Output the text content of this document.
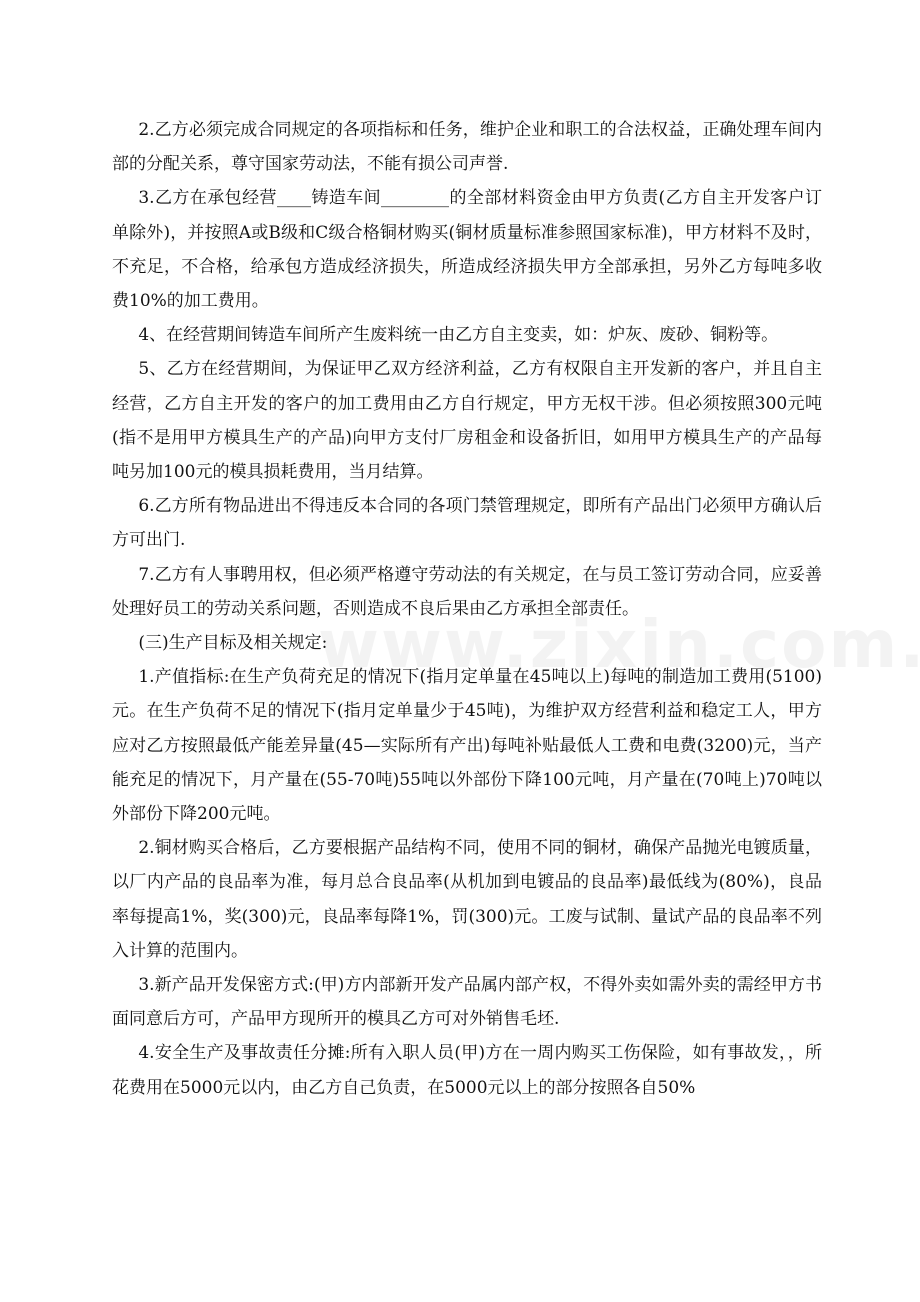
2.乙方必须完成合同规定的各项指标和任务，维护企业和职工的合法权益，正确处理车间内部的分配关系，尊守国家劳动法，不能有损公司声誉.

3.乙方在承包经营____铸造车间________的全部材料资金由甲方负责(乙方自主开发客户订单除外)，并按照A或B级和C级合格铜材购买(铜材质量标准参照国家标准)，甲方材料不及时，不充足，不合格，给承包方造成经济损失，所造成经济损失甲方全部承担，另外乙方每吨多收费10%的加工费用。

4、在经营期间铸造车间所产生废料统一由乙方自主变卖，如：炉灰、废砂、铜粉等。

5、乙方在经营期间，为保证甲乙双方经济利益，乙方有权限自主开发新的客户，并且自主经营，乙方自主开发的客户的加工费用由乙方自行规定，甲方无权干涉。但必须按照300元吨(指不是用甲方模具生产的产品)向甲方支付厂房租金和设备折旧，如用甲方模具生产的产品每吨另加100元的模具损耗费用，当月结算。

6.乙方所有物品进出不得违反本合同的各项门禁管理规定，即所有产品出门必须甲方确认后方可出门.

7.乙方有人事聘用权，但必须严格遵守劳动法的有关规定，在与员工签订劳动合同，应妥善处理好员工的劳动关系问题，否则造成不良后果由乙方承担全部责任。

(三)生产目标及相关规定:

1.产值指标:在生产负荷充足的情况下(指月定单量在45吨以上)每吨的制造加工费用(5100)元。在生产负荷不足的情况下(指月定单量少于45吨)，为维护双方经营利益和稳定工人，甲方应对乙方按照最低产能差异量(45—实际所有产出)每吨补贴最低人工费和电费(3200)元，当产能充足的情况下，月产量在(55-70吨)55吨以外部份下降100元吨，月产量在(70吨上)70吨以外部份下降200元吨。

2.铜材购买合格后，乙方要根据产品结构不同，使用不同的铜材，确保产品抛光电镀质量，以厂内产品的良品率为准，每月总合良品率(从机加到电镀品的良品率)最低线为(80%)，良品率每提高1%，奖(300)元，良品率每降1%，罚(300)元。工废与试制、量试产品的良品率不列入计算的范围内。

3.新产品开发保密方式:(甲)方内部新开发产品属内部产权，不得外卖如需外卖的需经甲方书面同意后方可，产品甲方现所开的模具乙方可对外销售毛坯.

4.安全生产及事故责任分摊:所有入职人员(甲)方在一周内购买工伤保险，如有事故发，，所花费用在5000元以内，由乙方自己负责，在5000元以上的部分按照各自50%
